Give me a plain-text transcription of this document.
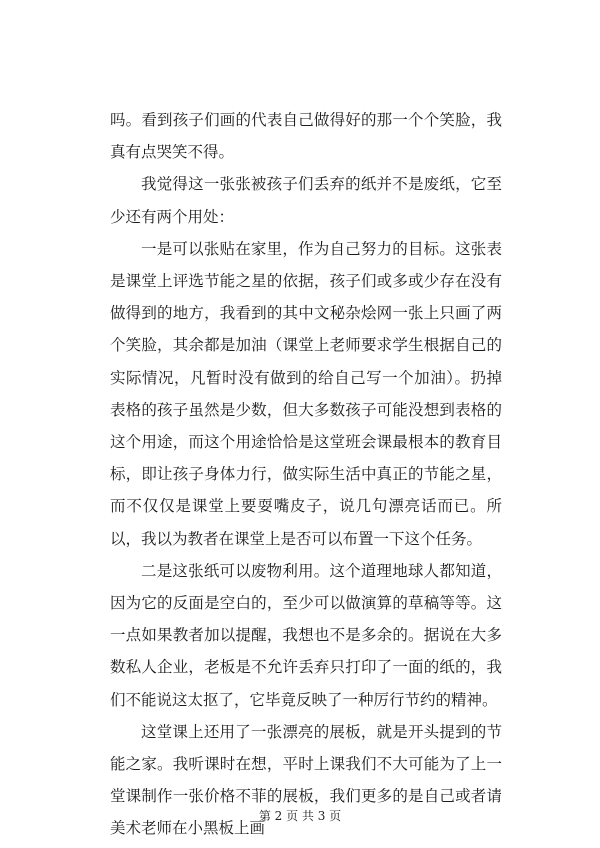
吗。看到孩子们画的代表自己做得好的那一个个笑脸，我真有点哭笑不得。

我觉得这一张张被孩子们丢弃的纸并不是废纸，它至少还有两个用处：

一是可以张贴在家里，作为自己努力的目标。这张表是课堂上评选节能之星的依据，孩子们或多或少存在没有做得到的地方，我看到的其中文秘杂烩网一张上只画了两个笑脸，其余都是加油（课堂上老师要求学生根据自己的实际情况，凡暂时没有做到的给自己写一个加油）。扔掉表格的孩子虽然是少数，但大多数孩子可能没想到表格的这个用途，而这个用途恰恰是这堂班会课最根本的教育目标，即让孩子身体力行，做实际生活中真正的节能之星，而不仅仅是课堂上要耍嘴皮子，说几句漂亮话而已。所以，我以为教者在课堂上是否可以布置一下这个任务。

二是这张纸可以废物利用。这个道理地球人都知道，因为它的反面是空白的，至少可以做演算的草稿等等。这一点如果教者加以提醒，我想也不是多余的。据说在大多数私人企业，老板是不允许丢弃只打印了一面的纸的，我们不能说这太抠了，它毕竟反映了一种厉行节约的精神。

这堂课上还用了一张漂亮的展板，就是开头提到的节能之家。我听课时在想，平时上课我们不大可能为了上一堂课制作一张价格不菲的展板，我们更多的是自己或者请美术老师在小黑板上画

第 2 页 共 3 页
